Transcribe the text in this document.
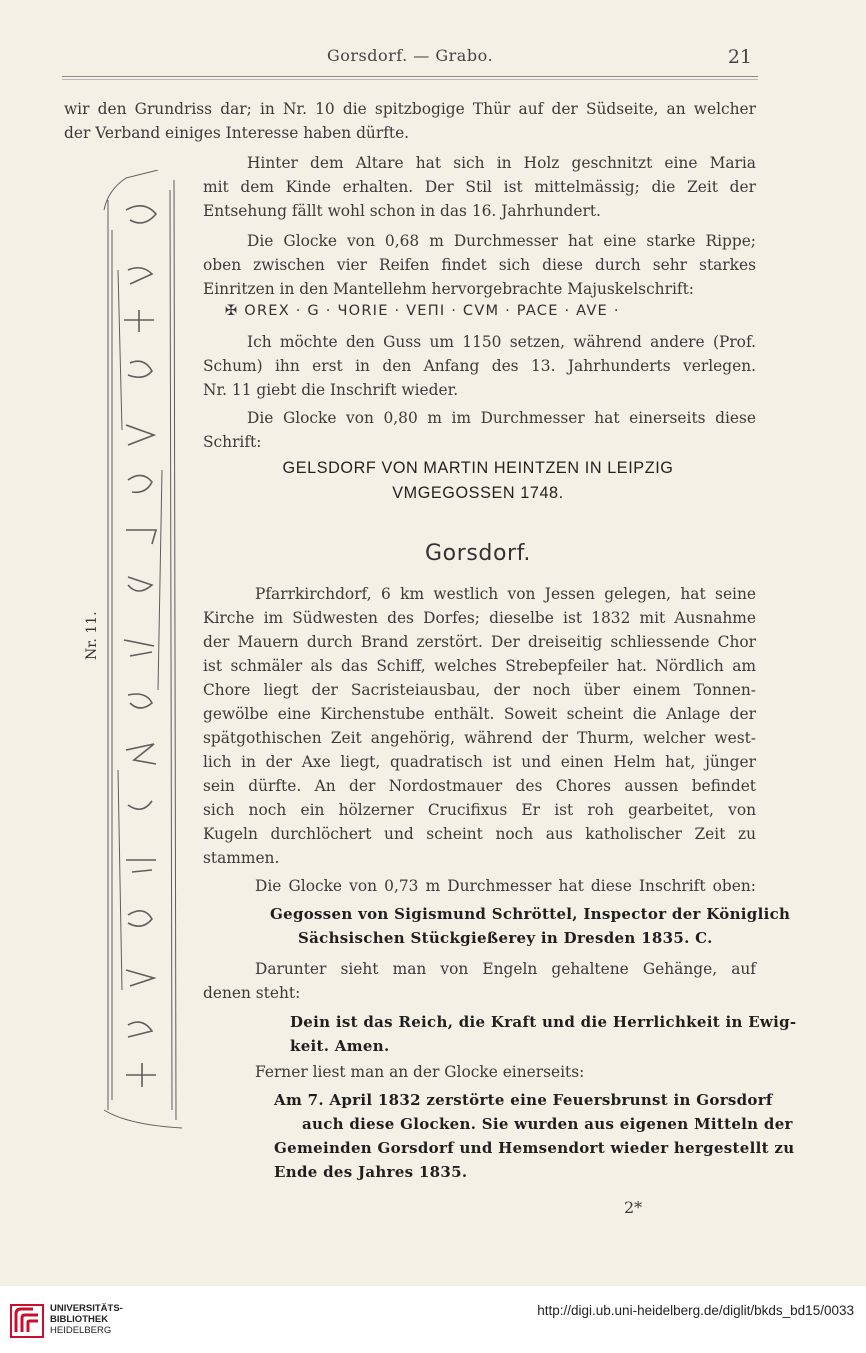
Gorsdorf. — Grabo.	21
wir den Grundriss dar; in Nr. 10 die spitzbogige Thür auf der Südseite, an welcher
der Verband einiges Interesse haben dürfte.
Hinter dem Altare hat sich in Holz geschnitzt eine Maria
mit dem Kinde erhalten. Der Stil ist mittelmässig; die Zeit der
Entsehung fällt wohl schon in das 16. Jahrhundert.
Die Glocke von 0,68 m Durchmesser hat eine starke Rippe;
oben zwischen vier Reifen findet sich diese durch sehr starkes
Einritzen in den Mantellehm hervorgebrachte Majuskelschrift:
✠ ОREX · G · ЧОRIE · VEПI · CVM · PACE · AVE ·
Ich möchte den Guss um 1150 setzen, während andere (Prof.
Schum) ihn erst in den Anfang des 13. Jahrhunderts verlegen.
Nr. 11 giebt die Inschrift wieder.
Die Glocke von 0,80 m im Durchmesser hat einerseits diese
Schrift:
GELSDORF VON MARTIN HEINTZEN IN LEIPZIG
VMGEGOSSEN 1748.
Gorsdorf.
Pfarrkirchdorf, 6 km westlich von Jessen gelegen, hat seine
Kirche im Südwesten des Dorfes; dieselbe ist 1832 mit Ausnahme
der Mauern durch Brand zerstört. Der dreiseitig schliessende Chor
ist schmäler als das Schiff, welches Strebepfeiler hat. Nördlich am
Chore liegt der Sacristeiausbau, der noch über einem Tonnen-
gewölbe eine Kirchenstube enthält. Soweit scheint die Anlage der
spätgothischen Zeit angehörig, während der Thurm, welcher west-
lich in der Axe liegt, quadratisch ist und einen Helm hat, jünger
sein dürfte. An der Nordostmauer des Chores aussen befindet
sich noch ein hölzerner Crucifixus Er ist roh gearbeitet, von
Kugeln durchlöchert und scheint noch aus katholischer Zeit zu
stammen.
Die Glocke von 0,73 m Durchmesser hat diese Inschrift oben:
Gegossen von Sigismund Schröttel, Inspector der Königlich
Sächsischen Stückgießerey in Dresden 1835. C.
Darunter sieht man von Engeln gehaltene Gehänge, auf
denen steht:
Dein ist das Reich, die Kraft und die Herrlichkeit in Ewig-
keit. Amen.
Ferner liest man an der Glocke einerseits:
Am 7. April 1832 zerstörte eine Feuersbrunst in Gorsdorf
auch diese Glocken. Sie wurden aus eigenen Mitteln der
Gemeinden Gorsdorf und Hemsendort wieder hergestellt zu
Ende des Jahres 1835.
2*
Nr. 11.
UNIVERSITÄTS-
BIBLIOTHEK
HEIDELBERG
http://digi.ub.uni-heidelberg.de/diglit/bkds_bd15/0033
